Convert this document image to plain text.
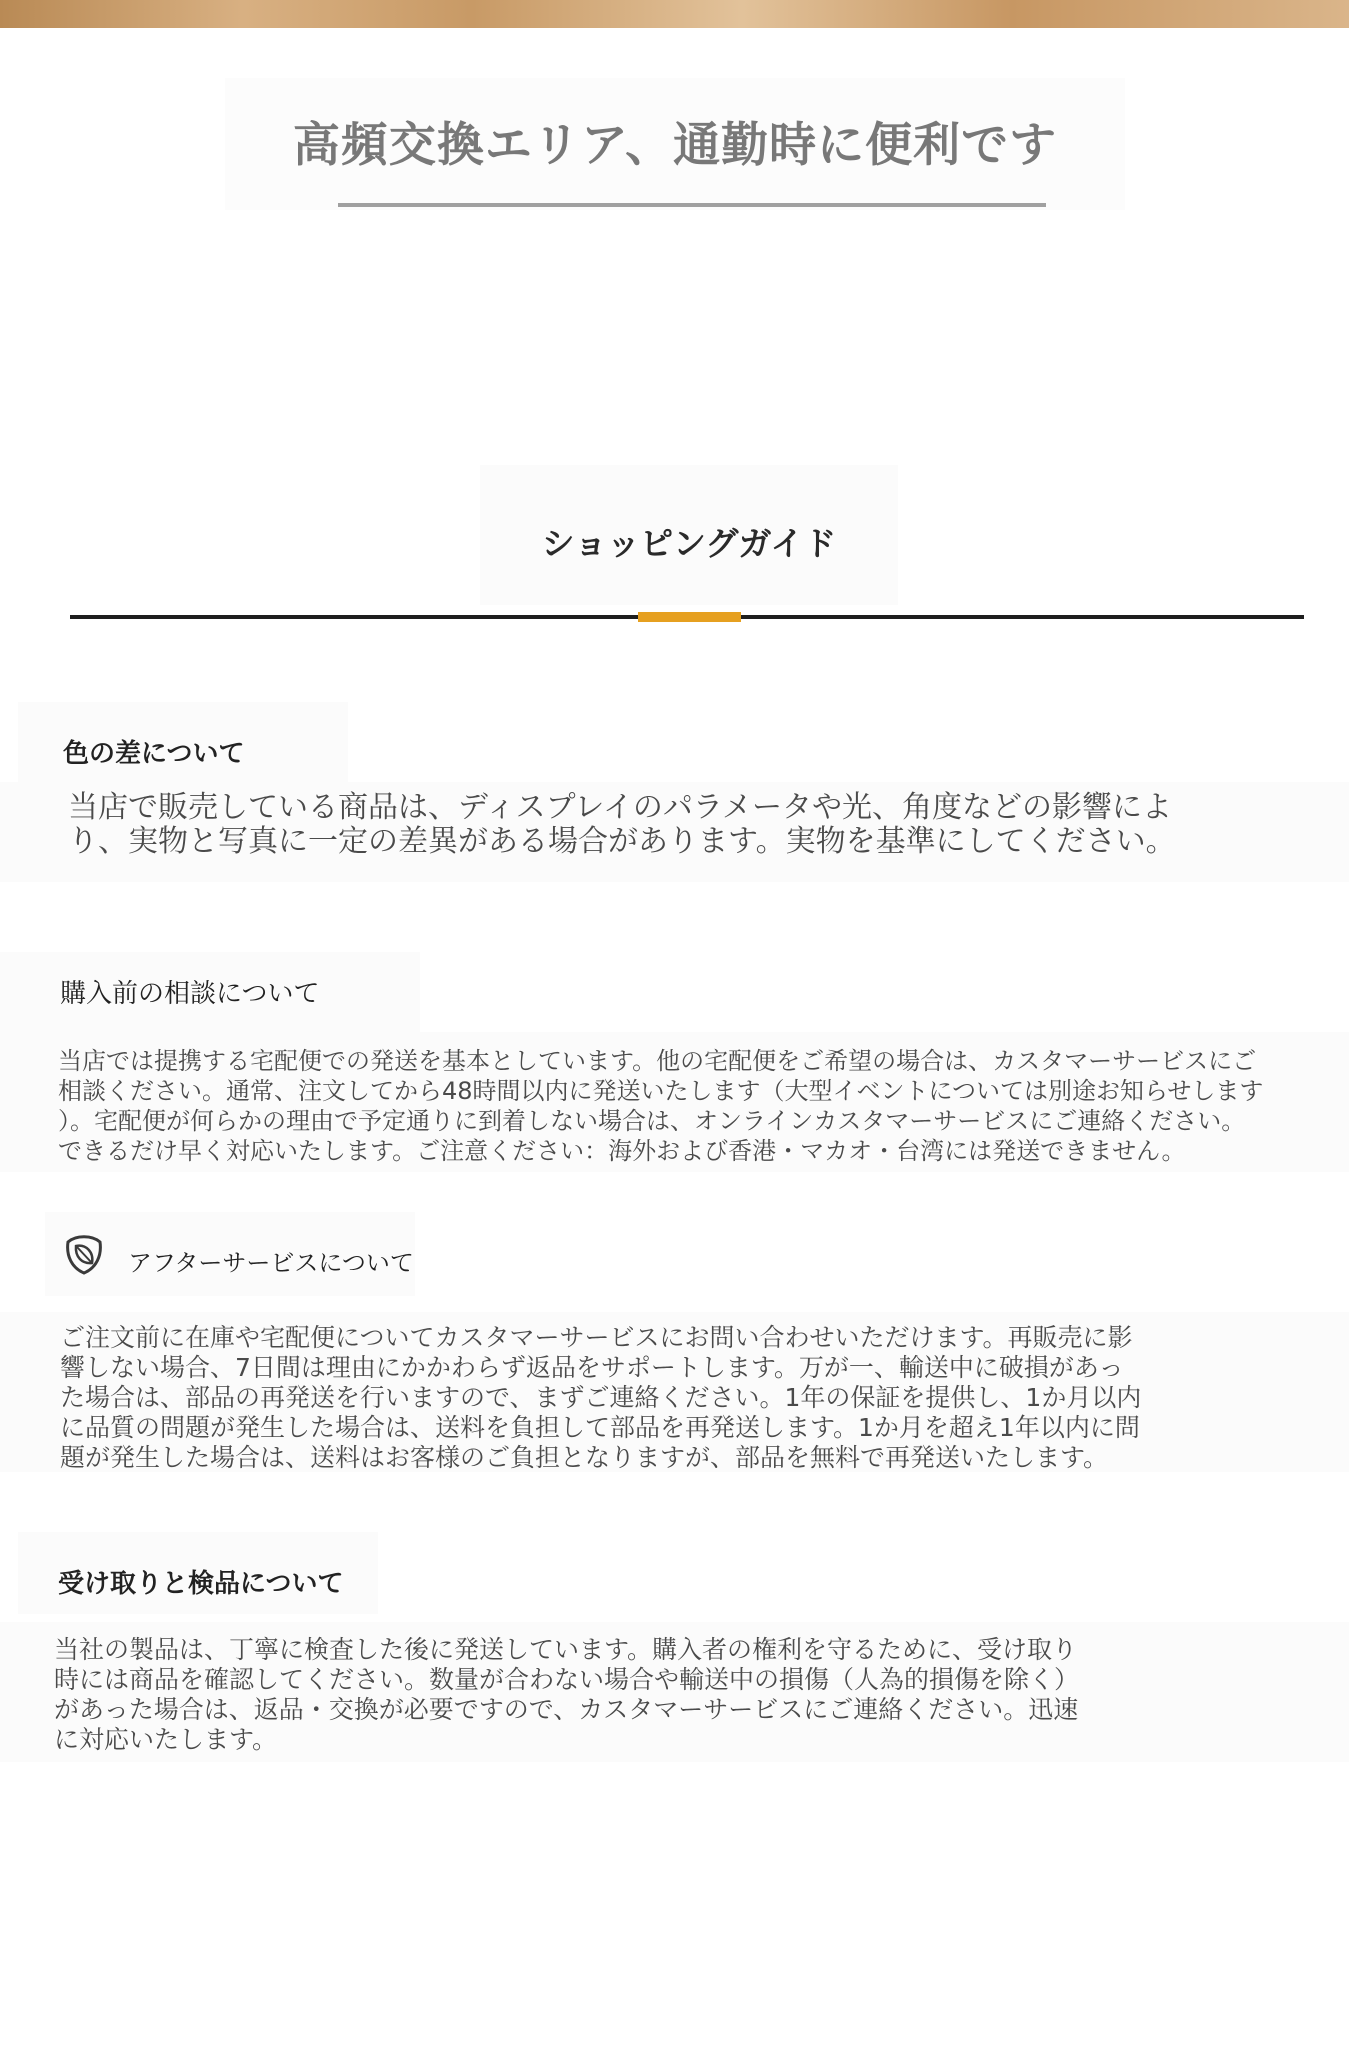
高頻交換エリア、通勤時に便利です
ショッピングガイド
色の差について
当店で販売している商品は、ディスプレイのパラメータや光、角度などの影響によ
り、実物と写真に一定の差異がある場合があります。実物を基準にしてください。
購入前の相談について
当店では提携する宅配便での発送を基本としています。他の宅配便をご希望の場合は、カスタマーサービスにご
相談ください。通常、注文してから48時間以内に発送いたします（大型イベントについては別途お知らせします
）。宅配便が何らかの理由で予定通りに到着しない場合は、オンラインカスタマーサービスにご連絡ください。
できるだけ早く対応いたします。ご注意ください：海外および香港・マカオ・台湾には発送できません。
アフターサービスについて
ご注文前に在庫や宅配便についてカスタマーサービスにお問い合わせいただけます。再販売に影
響しない場合、7日間は理由にかかわらず返品をサポートします。万が一、輸送中に破損があっ
た場合は、部品の再発送を行いますので、まずご連絡ください。1年の保証を提供し、1か月以内
に品質の問題が発生した場合は、送料を負担して部品を再発送します。1か月を超え1年以内に問
題が発生した場合は、送料はお客様のご負担となりますが、部品を無料で再発送いたします。
受け取りと検品について
当社の製品は、丁寧に検査した後に発送しています。購入者の権利を守るために、受け取り
時には商品を確認してください。数量が合わない場合や輸送中の損傷（人為的損傷を除く）
があった場合は、返品・交換が必要ですので、カスタマーサービスにご連絡ください。迅速
に対応いたします。
